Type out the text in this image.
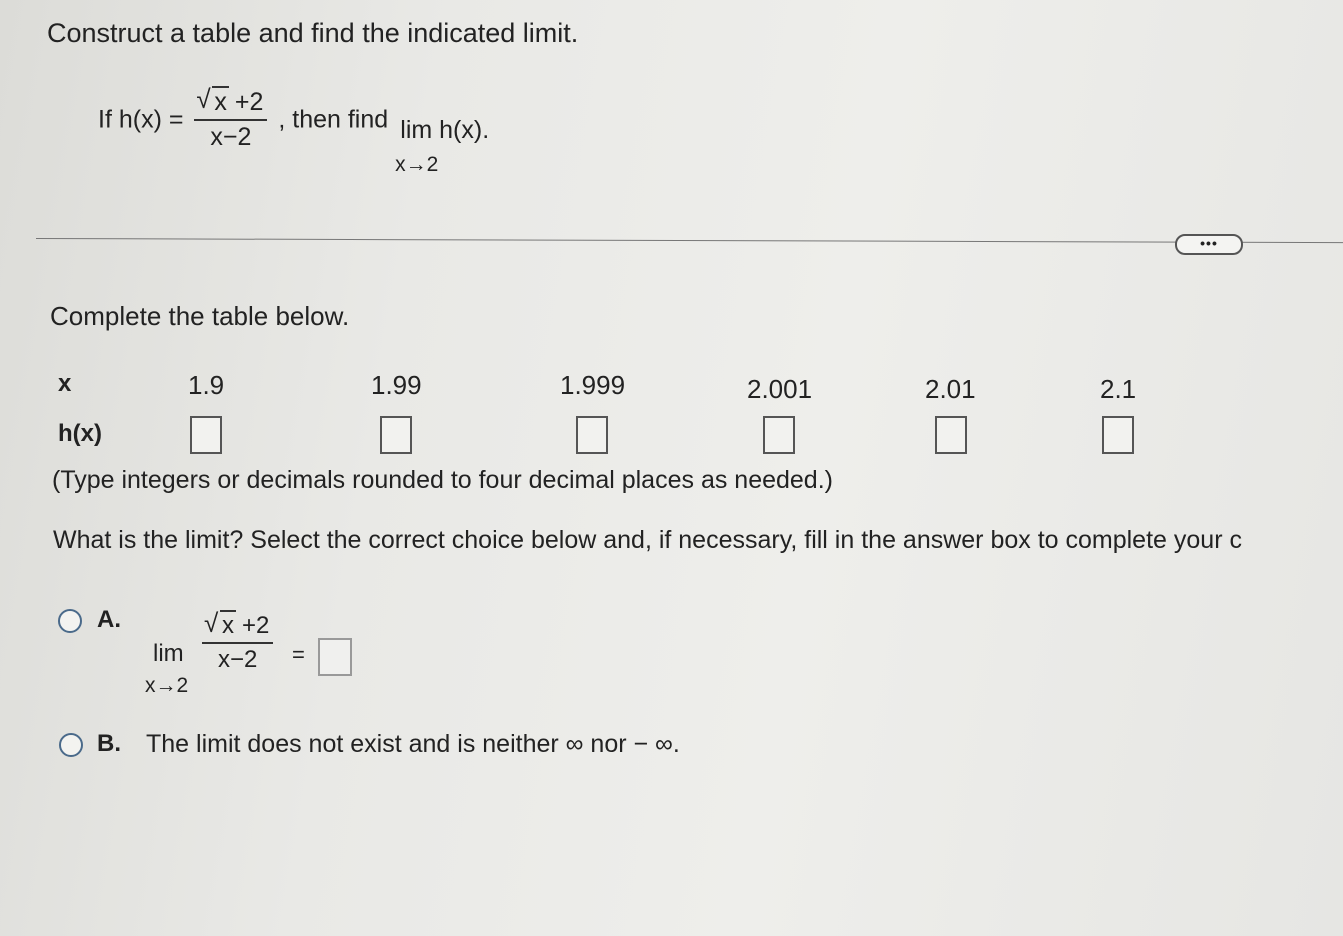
Construct a table and find the indicated limit.
If h(x) =
√ $\frac{x +2}{x-2}$ , then find lim h(x).
x→2
•••
Complete the table below.
x	1.9	1.99	1.999	2.001	2.01	2.1
h(x)
(Type integers or decimals rounded to four decimal places as needed.)
What is the limit? Select the correct choice below and, if necessary, fill in the answer box to complete your c
A.
lim
x→2
√ $\frac{x +2}{x-2}$ =
B. The limit does not exist and is neither ∞ nor − ∞.
